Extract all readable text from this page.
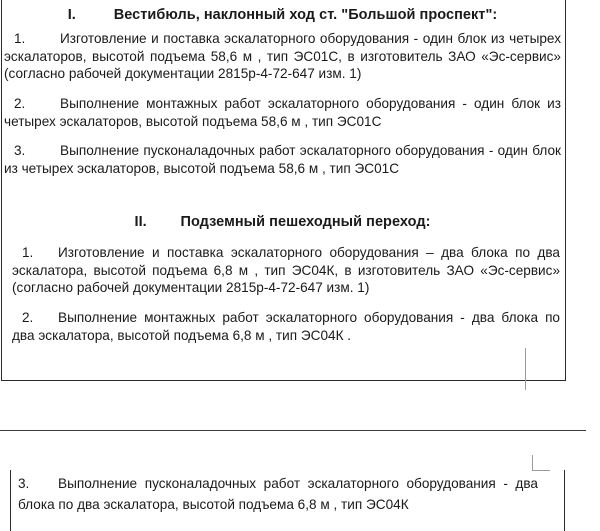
I.	Вестибюль, наклонный ход ст. "Большой проспект":

1.	Изготовление и поставка эскалаторного оборудования - один блок из четырех эскалаторов, высотой подъема 58,6 м , тип ЭС01С, в изготовитель ЗАО «Эс-сервис» (согласно рабочей документации 2815р-4-72-647 изм. 1)

2.	Выполнение монтажных работ эскалаторного оборудования - один блок из четырех эскалаторов, высотой подъема 58,6 м , тип ЭС01С

3.	Выполнение пусконаладочных работ эскалаторного оборудования - один блок из четырех эскалаторов, высотой подъема 58,6 м , тип ЭС01С

II. Подземный пешеходный переход:

1. Изготовление и поставка эскалаторного оборудования – два блока по два эскалатора, высотой подъема 6,8 м , тип ЭС04К, в изготовитель ЗАО «Эс-сервис» (согласно рабочей документации 2815р-4-72-647 изм. 1)

2. Выполнение монтажных работ эскалаторного оборудования - два блока по два эскалатора, высотой подъема 6,8 м , тип ЭС04К .

3. Выполнение пусконаладочных работ эскалаторного оборудования - два блока по два эскалатора, высотой подъема 6,8 м , тип ЭС04К
